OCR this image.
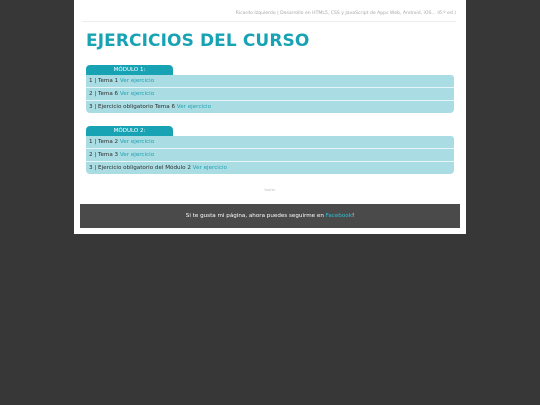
Ricardo Izquierdo | Desarrollo en HTML5, CSS y JavaScript de Apps Web, Android, iOS... (6.º ed.)
EJERCICIOS DEL CURSO
MÓDULO 1:
1 | Tema 1 Ver ejercicio
2 | Tema 6 Ver ejercicio
3 | Ejercicio obligatorio Tema 6 Ver ejercicio
MÓDULO 2:
1 | Tema 2 Ver ejercicio
2 | Tema 3 Ver ejercicio
3 | Ejercicio obligatorio del Módulo 2 Ver ejercicio
footer
Si te gusta mi página, ahora puedes seguirme en Facebook!
